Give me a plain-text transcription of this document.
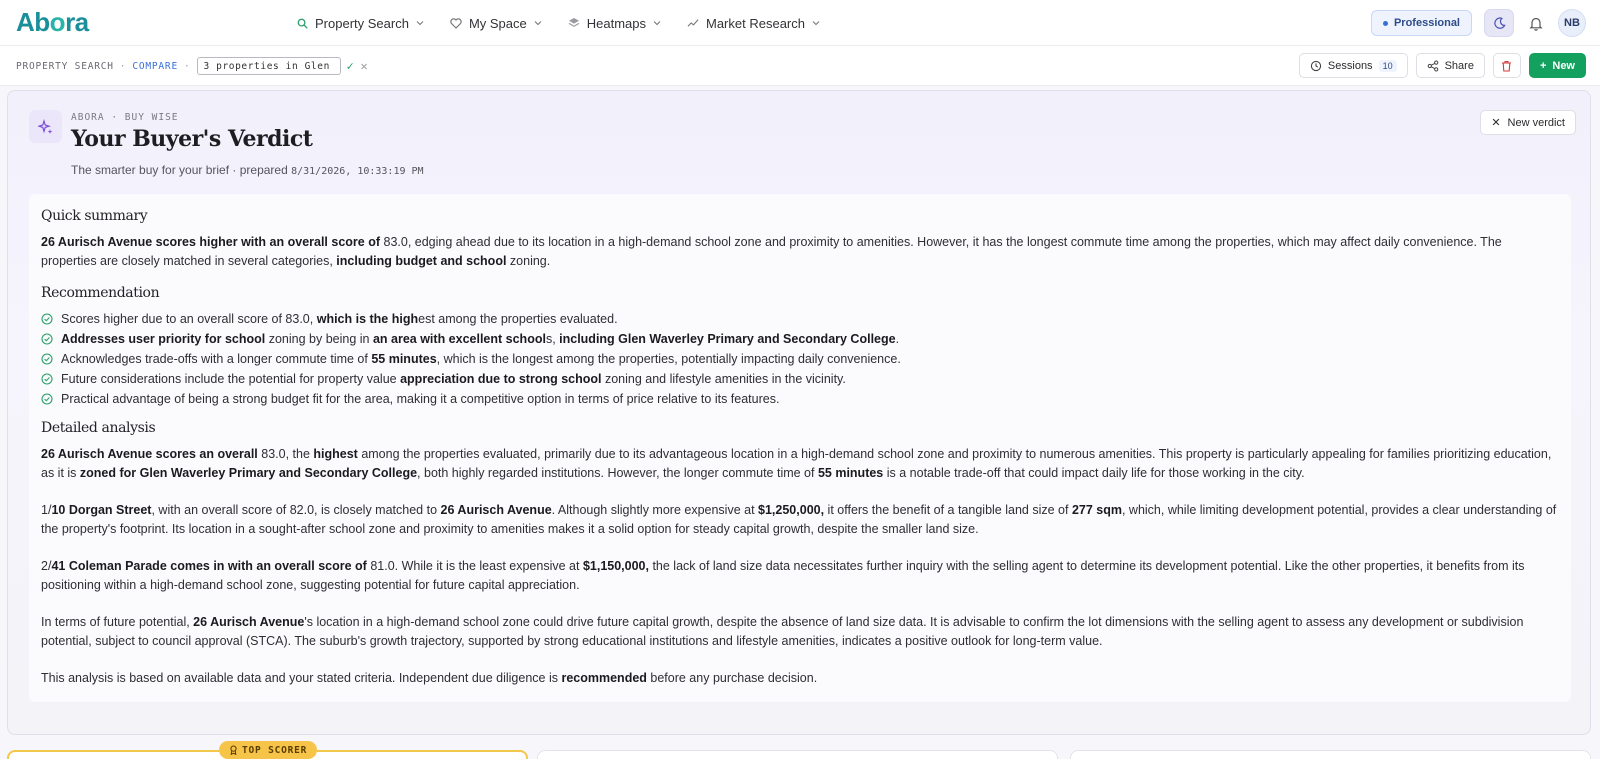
Abora	Property Search	My Space	Heatmaps	Market Research	Professional	NB
PROPERTY SEARCH · COMPARE ·	3 properties in Glen	✓ ✕	Sessions	10	Share	+ New
ABORA · BUY WISE
Your Buyer's Verdict
The smarter buy for your brief · prepared 8/31/2026, 10:33:19 PM
✕ New verdict
Quick summary

26 Aurisch Avenue scores higher with an overall score of 83.0, edging ahead due to its location in a high-demand school zone and proximity to amenities. However, it has the longest commute time among the properties, which may affect daily convenience. The properties are closely matched in several categories, including budget and school zoning.

Recommendation
Scores higher due to an overall score of 83.0, which is the highest among the properties evaluated.
Addresses user priority for school zoning by being in an area with excellent schools, including Glen Waverley Primary and Secondary College.
Acknowledges trade-offs with a longer commute time of 55 minutes, which is the longest among the properties, potentially impacting daily convenience.
Future considerations include the potential for property value appreciation due to strong school zoning and lifestyle amenities in the vicinity.
Practical advantage of being a strong budget fit for the area, making it a competitive option in terms of price relative to its features.
Detailed analysis

26 Aurisch Avenue scores an overall 83.0, the highest among the properties evaluated, primarily due to its advantageous location in a high-demand school zone and proximity to numerous amenities. This property is particularly appealing for families prioritizing education, as it is zoned for Glen Waverley Primary and Secondary College, both highly regarded institutions. However, the longer commute time of 55 minutes is a notable trade-off that could impact daily life for those working in the city.

1/10 Dorgan Street, with an overall score of 82.0, is closely matched to 26 Aurisch Avenue. Although slightly more expensive at $1,250,000, it offers the benefit of a tangible land size of 277 sqm, which, while limiting development potential, provides a clear understanding of the property's footprint. Its location in a sought-after school zone and proximity to amenities makes it a solid option for steady capital growth, despite the smaller land size.

2/41 Coleman Parade comes in with an overall score of 81.0. While it is the least expensive at $1,150,000, the lack of land size data necessitates further inquiry with the selling agent to determine its development potential. Like the other properties, it benefits from its positioning within a high-demand school zone, suggesting potential for future capital appreciation.

In terms of future potential, 26 Aurisch Avenue's location in a high-demand school zone could drive future capital growth, despite the absence of land size data. It is advisable to confirm the lot dimensions with the selling agent to assess any development or subdivision potential, subject to council approval (STCA). The suburb's growth trajectory, supported by strong educational institutions and lifestyle amenities, indicates a positive outlook for long-term value.

This analysis is based on available data and your stated criteria. Independent due diligence is recommended before any purchase decision.

TOP SCORER
